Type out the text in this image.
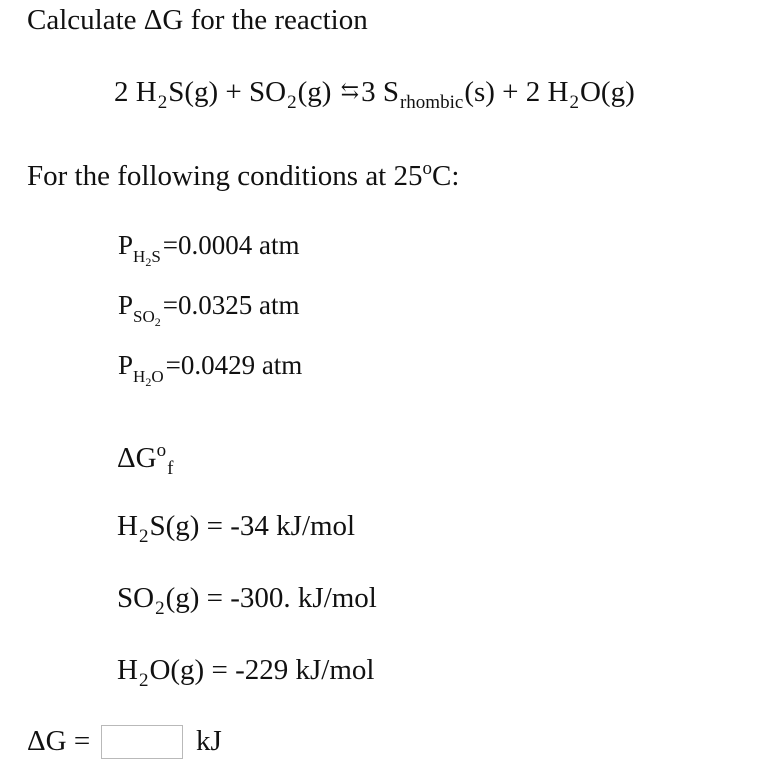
Calculate ΔG for the reaction
2 $H_2S(g) + SO_2(g)$ ⇆3 $S_{rhombic}(s) + 2$ $H_2O(g)$
For the following conditions at 25$^o$C:
$PH_2S=0.0004$ atm
$PSO_2=0.0325$ atm
$PH_2O=0.0429$ atm
$\Delta G^o_f$
$H_2S(g) = -34$ kJ/mol
$SO_2(g) = -300$. kJ/mol
$H_2O(g) = -229$ kJ/mol
ΔG =	kJ
